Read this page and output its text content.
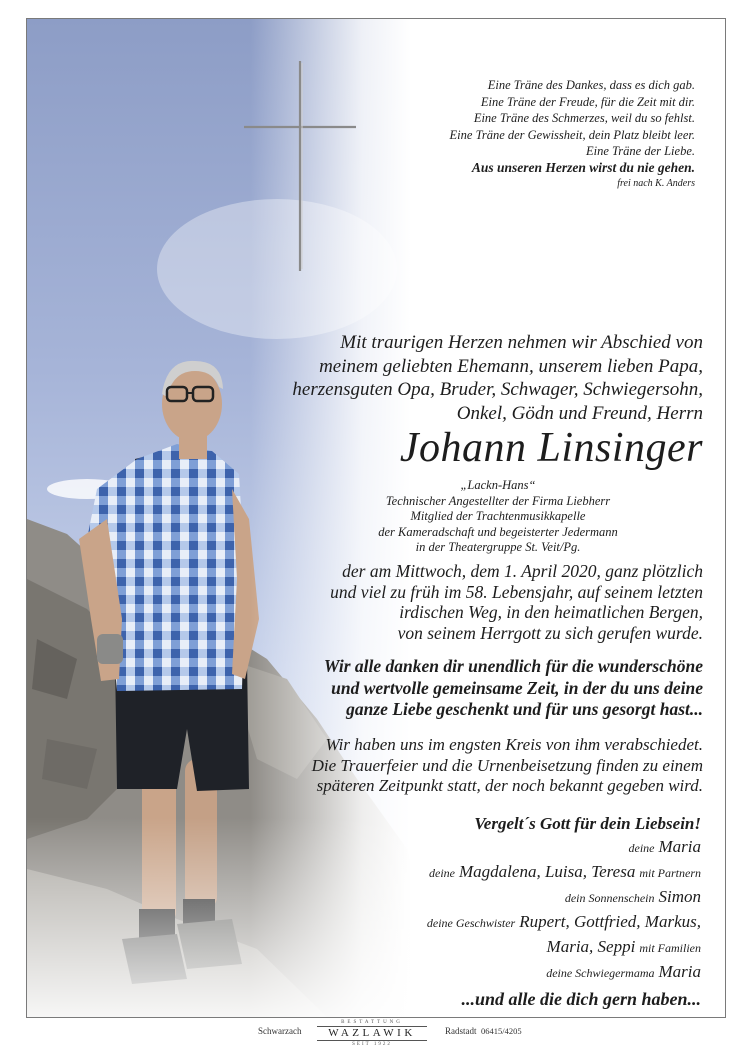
Eine Träne des Dankes, dass es dich gab.
Eine Träne der Freude, für die Zeit mit dir.
Eine Träne des Schmerzes, weil du so fehlst.
Eine Träne der Gewissheit, dein Platz bleibt leer.
Eine Träne der Liebe.
Aus unseren Herzen wirst du nie gehen.
frei nach K. Anders
Mit traurigen Herzen nehmen wir Abschied von
meinem geliebten Ehemann, unserem lieben Papa,
herzensguten Opa, Bruder, Schwager, Schwiegersohn,
Onkel, Gödn und Freund, Herrn
Johann Linsinger
„Lackn-Hans“
Technischer Angestellter der Firma Liebherr
Mitglied der Trachtenmusikkapelle
der Kameradschaft und begeisterter Jedermann
in der Theatergruppe St. Veit/Pg.
der am Mittwoch, dem 1. April 2020, ganz plötzlich
und viel zu früh im 58. Lebensjahr, auf seinem letzten
irdischen Weg, in den heimatlichen Bergen,
von seinem Herrgott zu sich gerufen wurde.
Wir alle danken dir unendlich für die wunderschöne
und wertvolle gemeinsame Zeit, in der du uns deine
ganze Liebe geschenkt und für uns gesorgt hast...
Wir haben uns im engsten Kreis von ihm verabschiedet.
Die Trauerfeier und die Urnenbeisetzung finden zu einem
späteren Zeitpunkt statt, der noch bekannt gegeben wird.
Vergelt´s Gott für dein Liebsein!
deine Maria
deine Magdalena, Luisa, Teresa mit Partnern
dein Sonnenschein Simon
deine Geschwister Rupert, Gottfried, Markus,
Maria, Seppi mit Familien
deine Schwiegermama Maria
...und alle die dich gern haben...
Schwarzach
BESTATTUNG
WAZLAWIK
SEIT 1922
Radstadt 06415/4205
